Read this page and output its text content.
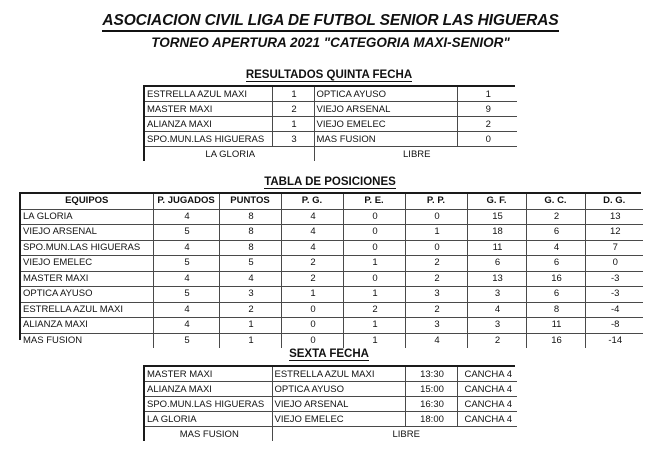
ASOCIACION CIVIL LIGA DE FUTBOL SENIOR LAS HIGUERAS
TORNEO APERTURA 2021 "CATEGORIA MAXI-SENIOR"
RESULTADOS QUINTA FECHA
ESTRELLA AZUL MAXI	1	OPTICA AYUSO	1
MASTER MAXI	2	VIEJO ARSENAL	9
ALIANZA MAXI	1	VIEJO EMELEC	2
SPO.MUN.LAS HIGUERAS	3	MAS FUSION	0
LA GLORIA		LIBRE	
TABLA DE POSICIONES
EQUIPOS	P. JUGADOS	PUNTOS	P. G.	P. E.	P. P.	G. F.	G. C.	D. G.
LA GLORIA	4	8	4	0	0	15	2	13
VIEJO ARSENAL	5	8	4	0	1	18	6	12
SPO.MUN.LAS HIGUERAS	4	8	4	0	0	11	4	7
VIEJO EMELEC	5	5	2	1	2	6	6	0
MASTER MAXI	4	4	2	0	2	13	16	-3
OPTICA AYUSO	5	3	1	1	3	3	6	-3
ESTRELLA AZUL MAXI	4	2	0	2	2	4	8	-4
ALIANZA MAXI	4	1	0	1	3	3	11	-8
MAS FUSION	5	1	0	1	4	2	16	-14
SEXTA FECHA
MASTER MAXI	ESTRELLA AZUL MAXI	13:30	CANCHA 4
ALIANZA MAXI	OPTICA AYUSO	15:00	CANCHA 4
SPO.MUN.LAS HIGUERAS	VIEJO ARSENAL	16:30	CANCHA 4
LA GLORIA	VIEJO EMELEC	18:00	CANCHA 4
MAS FUSION	LIBRE		
